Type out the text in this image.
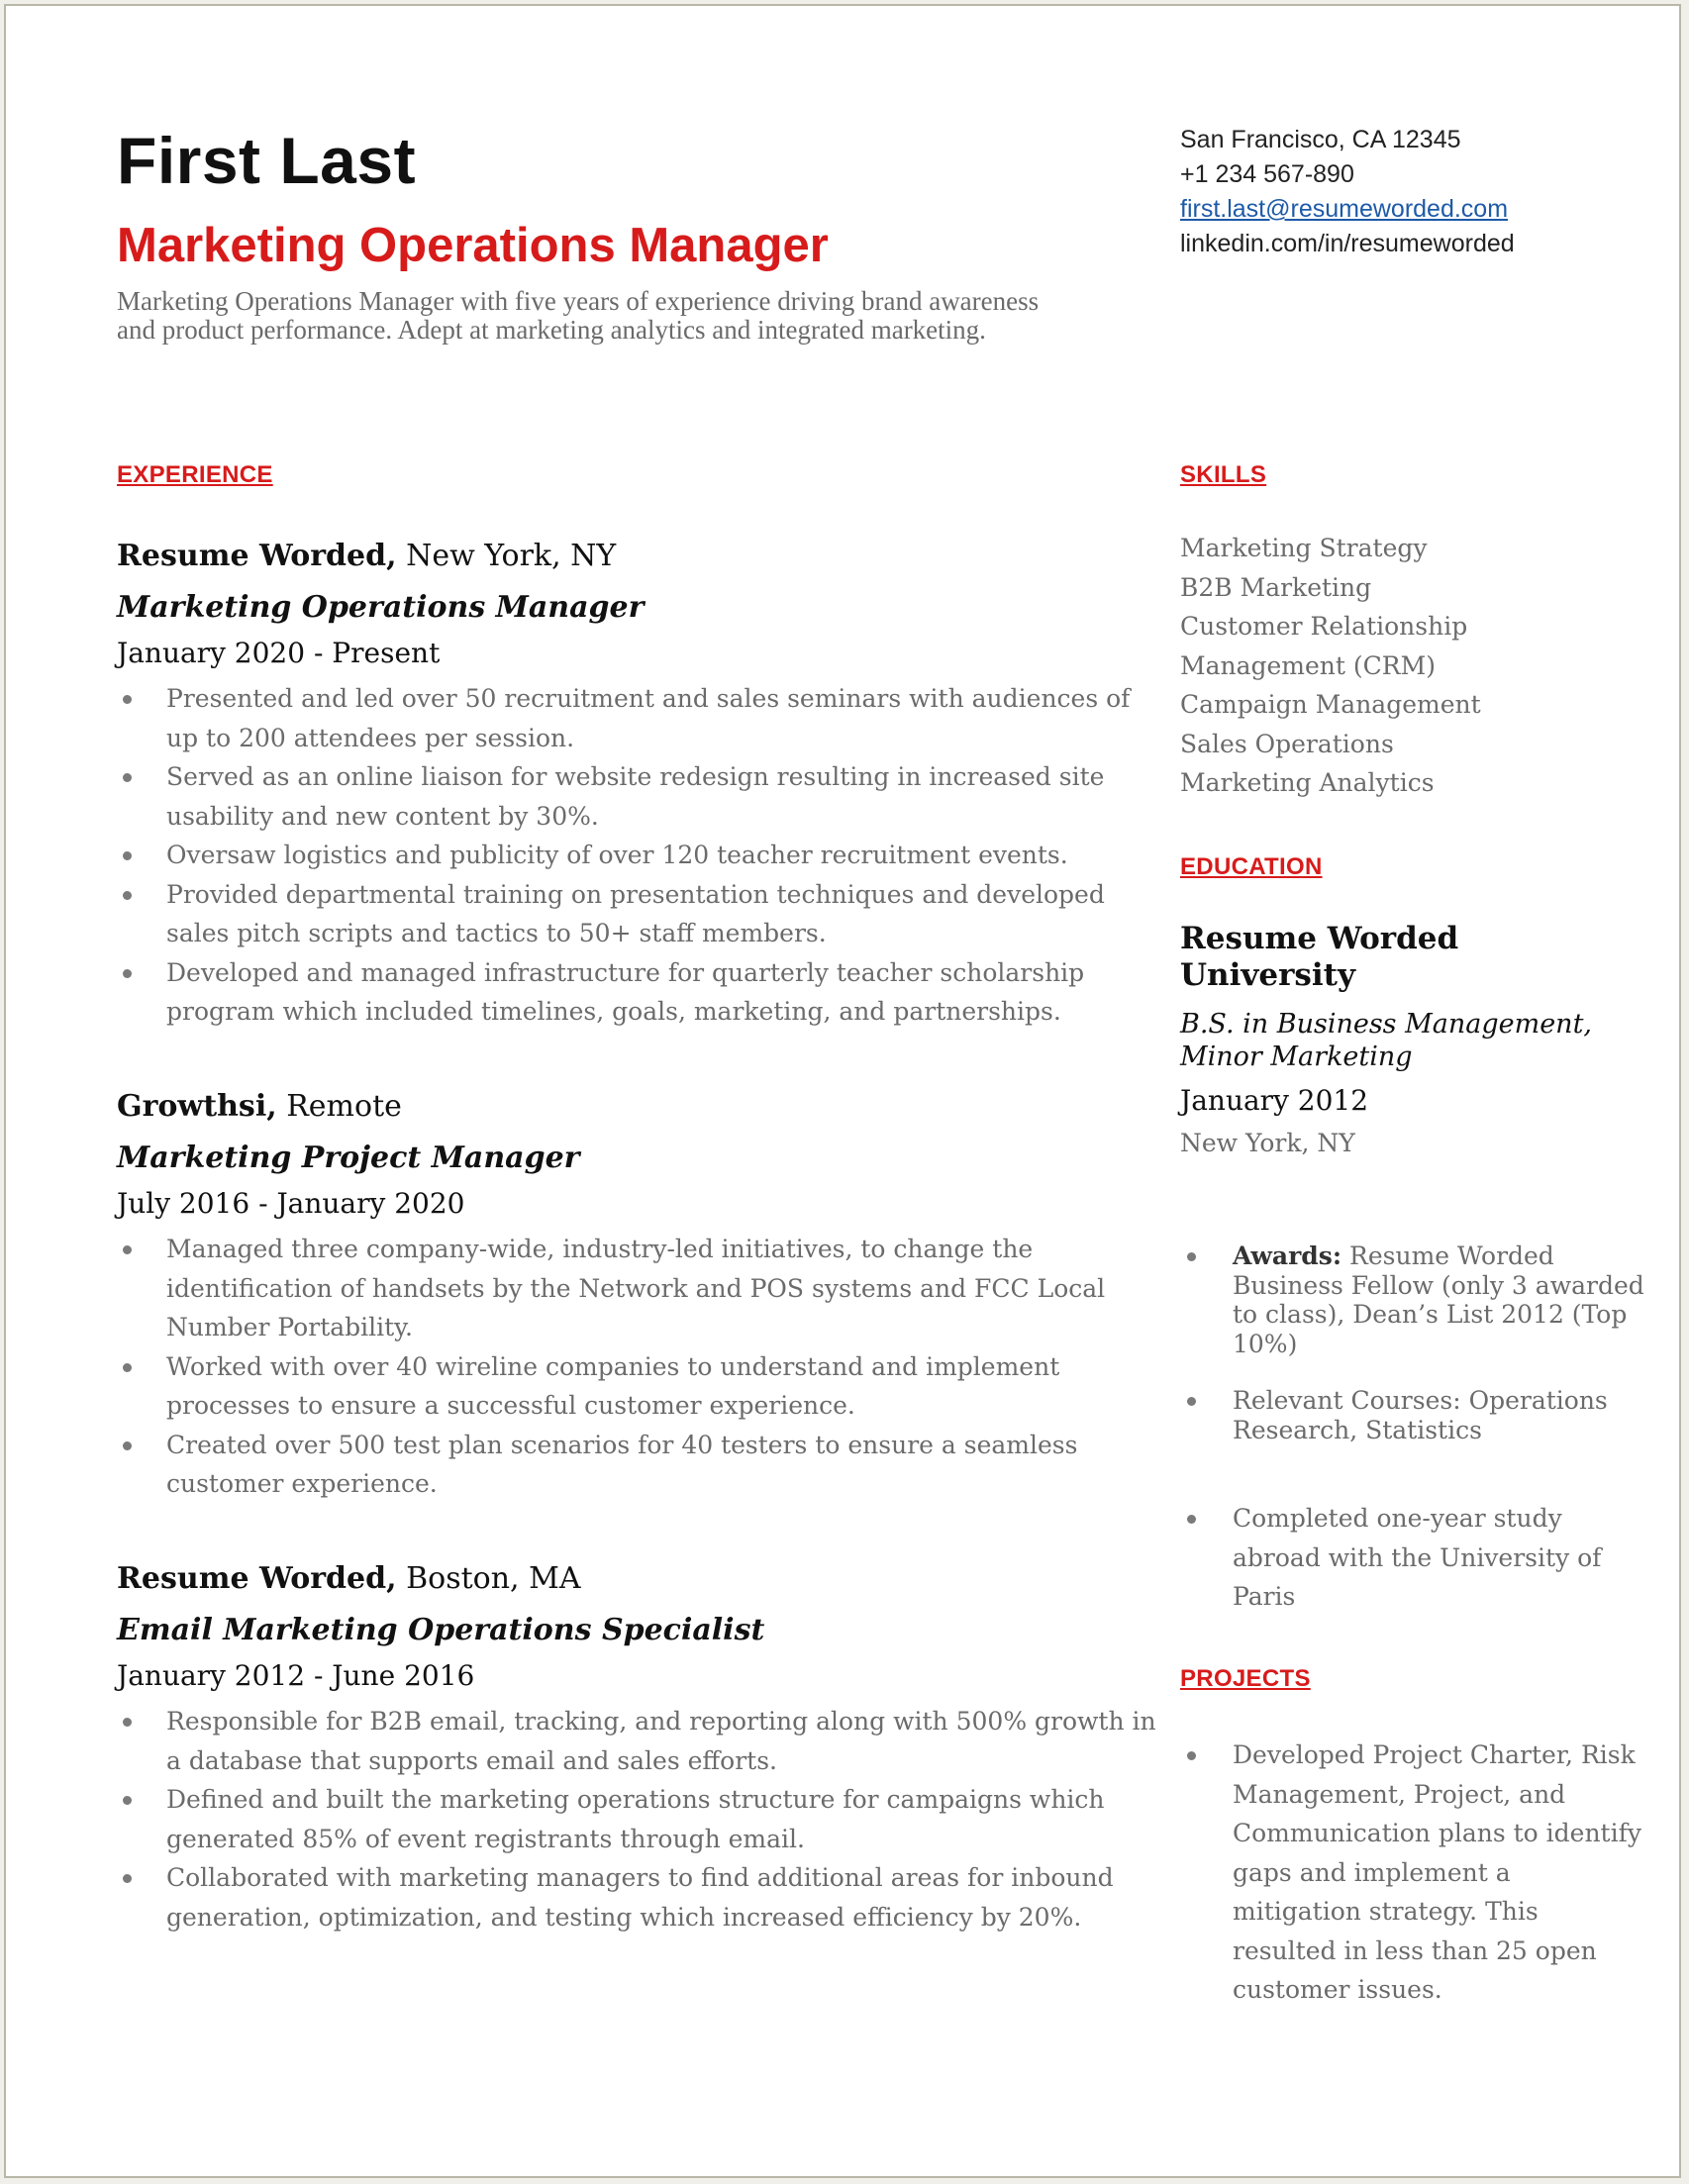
First Last
Marketing Operations Manager
Marketing Operations Manager with five years of experience driving brand awareness and product performance. Adept at marketing analytics and integrated marketing.
San Francisco, CA 12345
+1 234 567-890
first.last@resumeworded.com
linkedin.com/in/resumeworded
EXPERIENCE
Resume Worded, New York, NY
Marketing Operations Manager
January 2020 - Present
Presented and led over 50 recruitment and sales seminars with audiences of up to 200 attendees per session.
Served as an online liaison for website redesign resulting in increased site usability and new content by 30%.
Oversaw logistics and publicity of over 120 teacher recruitment events.
Provided departmental training on presentation techniques and developed sales pitch scripts and tactics to 50+ staff members.
Developed and managed infrastructure for quarterly teacher scholarship program which included timelines, goals, marketing, and partnerships.
Growthsi, Remote
Marketing Project Manager
July 2016 - January 2020
Managed three company-wide, industry-led initiatives, to change the identification of handsets by the Network and POS systems and FCC Local Number Portability.
Worked with over 40 wireline companies to understand and implement processes to ensure a successful customer experience.
Created over 500 test plan scenarios for 40 testers to ensure a seamless customer experience.
Resume Worded, Boston, MA
Email Marketing Operations Specialist
January 2012 - June 2016
Responsible for B2B email, tracking, and reporting along with 500% growth in a database that supports email and sales efforts.
Defined and built the marketing operations structure for campaigns which generated 85% of event registrants through email.
Collaborated with marketing managers to find additional areas for inbound generation, optimization, and testing which increased efficiency by 20%.
SKILLS
Marketing Strategy
B2B Marketing
Customer Relationship
Management (CRM)
Campaign Management
Sales Operations
Marketing Analytics
EDUCATION
Resume Worded University
B.S. in Business Management, Minor Marketing
January 2012
New York, NY
Awards: Resume Worded Business Fellow (only 3 awarded to class), Dean’s List 2012 (Top 10%)
Relevant Courses: Operations Research, Statistics
Completed one-year study abroad with the University of Paris
PROJECTS
Developed Project Charter, Risk Management, Project, and Communication plans to identify gaps and implement a mitigation strategy. This resulted in less than 25 open customer issues.
